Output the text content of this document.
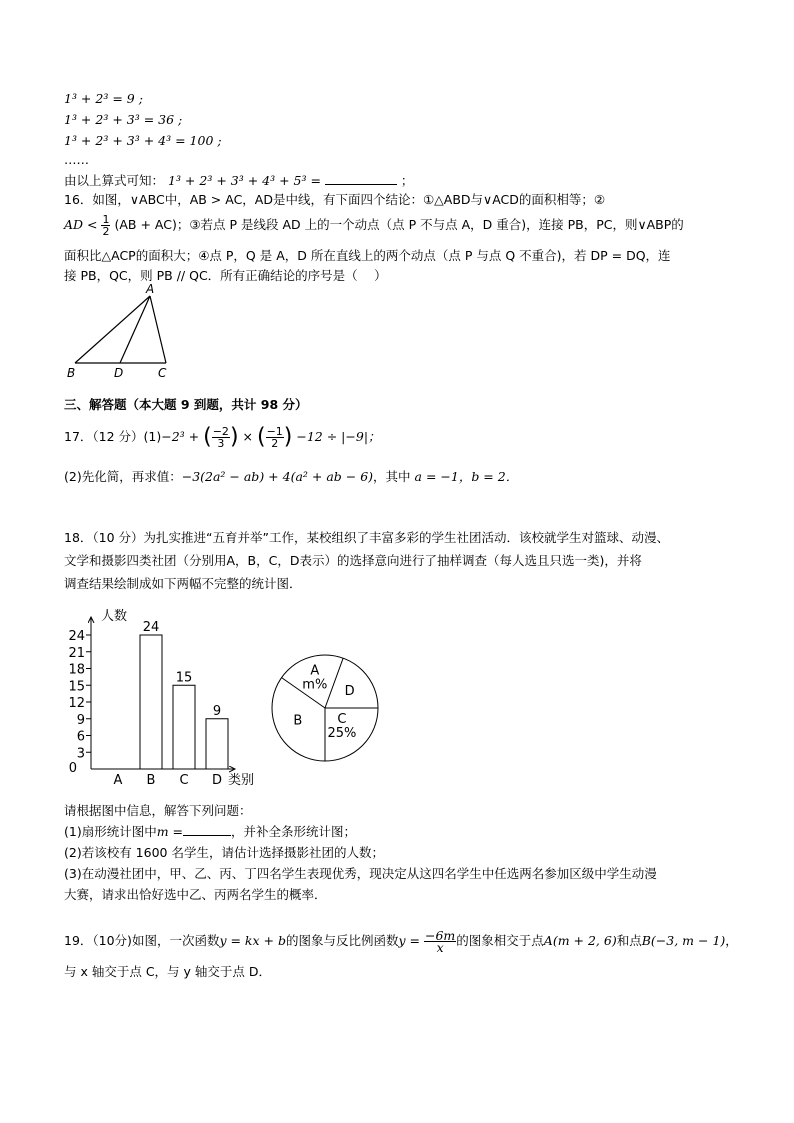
1³ + 2³ = 9 ;
1³ + 2³ + 3³ = 36 ;
1³ + 2³ + 3³ + 4³ = 100 ;
……
由以上算式可知： 1³ + 2³ + 3³ + 4³ + 5³ =	；
16．如图，∨ABC中，AB > AC，AD是中线，有下面四个结论：①△ABD与∨ACD的面积相等；②
AD < $\frac{1}{2} (AB + AC)$；③若点 P 是线段 AD 上的一个动点（点 P 不与点 A，D 重合)，连接 PB，PC，则∨ABP的
面积比△ACP的面积大；④点 P，Q 是 A，D 所在直线上的两个动点（点 P 与点 Q 不重合)，若 DP = DQ，连
接 PB，QC，则 PB // QC．所有正确结论的序号是（　 ）
A
B	D	C
三、解答题（本大题 9 到题，共计 98 分）
17．（12 分）(1)−2³ + ( $\frac{-2}{3}$ ) × ( $\frac{-1}{2}$ ) −12 ÷ |−9|；
(2)先化简，再求值：−3(2a² − ab) + 4(a² + ab − 6)，其中 a = −1，b = 2．
18．（10 分）为扎实推进“五育并举”工作，某校组织了丰富多彩的学生社团活动．该校就学生对篮球、动漫、
文学和摄影四类社团（分别用A，B，C，D表示）的选择意向进行了抽样调查（每人选且只选一类)，并将
调查结果绘制成如下两幅不完整的统计图．
人数
类别
0
3
6
9
12
15
18
21
24
24
15
9
A B C D
A
m% D
C
25%
B
请根据图中信息，解答下列问题：
(1)扇形统计图中m =	，并补全条形统计图；
(2)若该校有 1600 名学生，请估计选择摄影社团的人数；
(3)在动漫社团中，甲、乙、丙、丁四名学生表现优秀，现决定从这四名学生中任选两名参加区级中学生动漫
大赛，请求出恰好选中乙、丙两名学生的概率．
19．（10分)如图，一次函数y = kx + b的图象与反比例函数$y = \frac{-6m}{x}$ 的图象相交于点A(m + 2, 6)和点B(−3, m − 1)，
与 x 轴交于点 C，与 y 轴交于点 D．
